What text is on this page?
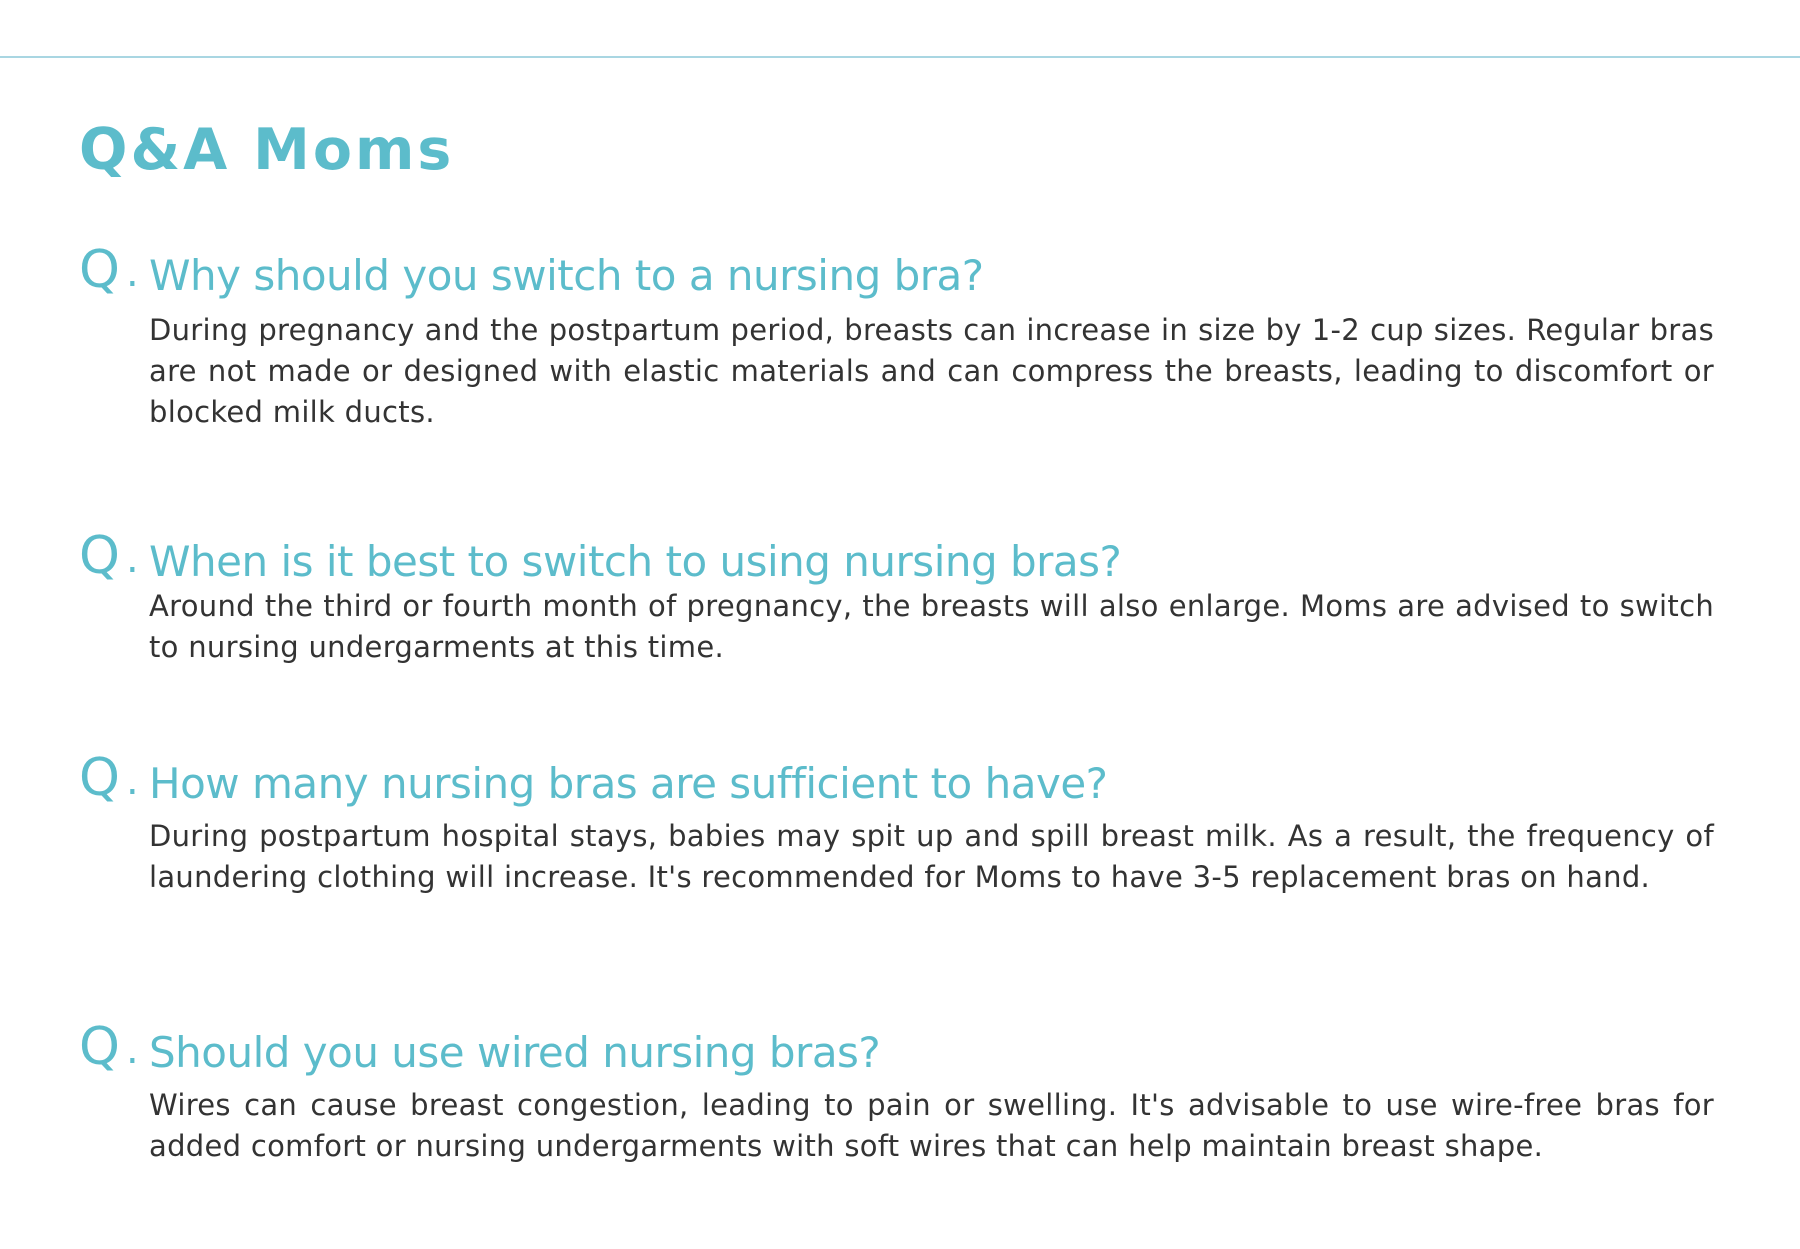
Q&A Moms
Q . Why should you switch to a nursing bra?

During pregnancy and the postpartum period, breasts can increase in size by 1-2 cup sizes. Regular bras are not made or designed with elastic materials and can compress the breasts, leading to discomfort or blocked milk ducts.

Q . When is it best to switch to using nursing bras?

Around the third or fourth month of pregnancy, the breasts will also enlarge. Moms are advised to switch to nursing undergarments at this time.

Q . How many nursing bras are sufficient to have?

During postpartum hospital stays, babies may spit up and spill breast milk. As a result, the frequency of laundering clothing will increase. It's recommended for Moms to have 3-5 replacement bras on hand.

Q . Should you use wired nursing bras?

Wires can cause breast congestion, leading to pain or swelling. It's advisable to use wire-free bras for added comfort or nursing undergarments with soft wires that can help maintain breast shape.
